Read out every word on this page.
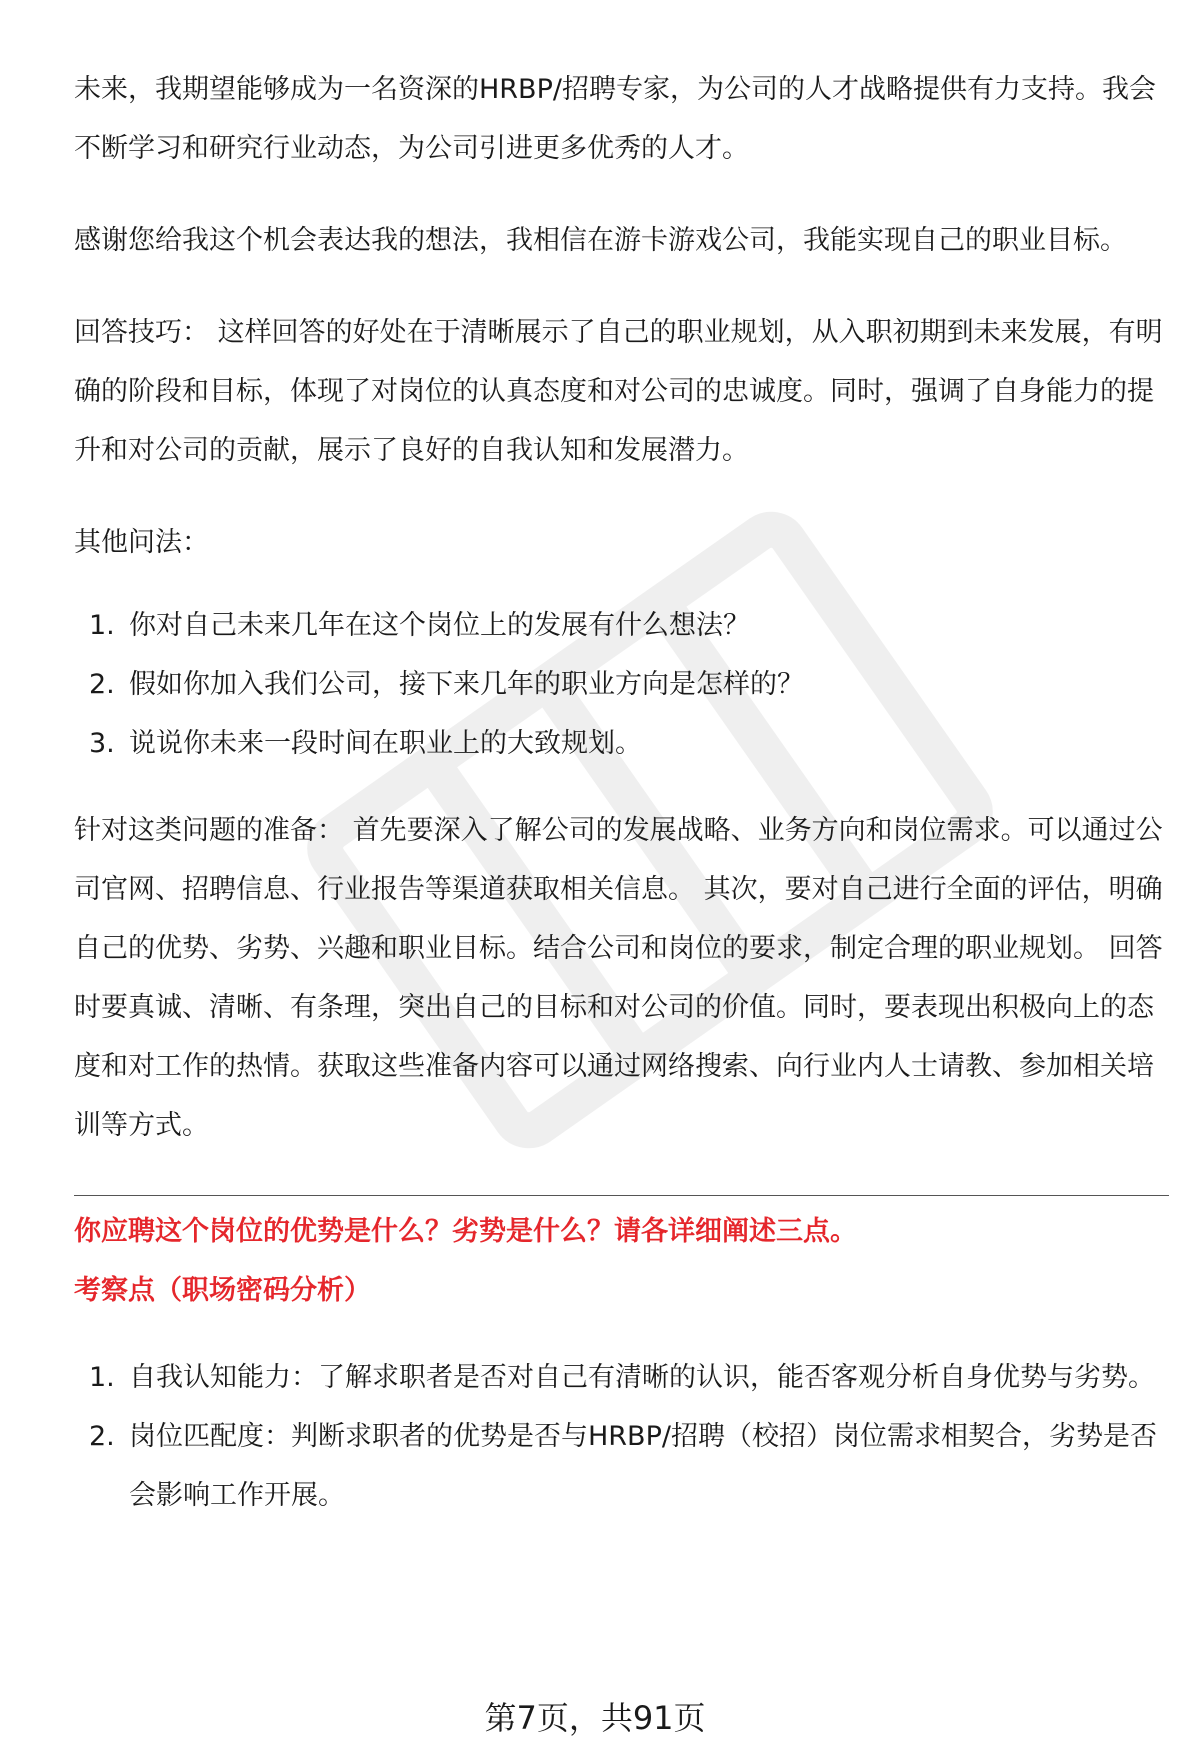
未来，我期望能够成为一名资深的HRBP/招聘专家，为公司的人才战略提供有力支持。我会不断学习和研究行业动态，为公司引进更多优秀的人才。

感谢您给我这个机会表达我的想法，我相信在游卡游戏公司，我能实现自己的职业目标。

回答技巧： 这样回答的好处在于清晰展示了自己的职业规划，从入职初期到未来发展，有明确的阶段和目标，体现了对岗位的认真态度和对公司的忠诚度。同时，强调了自身能力的提升和对公司的贡献，展示了良好的自我认知和发展潜力。

其他问法：

1. 你对自己未来几年在这个岗位上的发展有什么想法？
2. 假如你加入我们公司，接下来几年的职业方向是怎样的？
3. 说说你未来一段时间在职业上的大致规划。

针对这类问题的准备： 首先要深入了解公司的发展战略、业务方向和岗位需求。可以通过公司官网、招聘信息、行业报告等渠道获取相关信息。 其次，要对自己进行全面的评估，明确自己的优势、劣势、兴趣和职业目标。结合公司和岗位的要求，制定合理的职业规划。 回答时要真诚、清晰、有条理，突出自己的目标和对公司的价值。同时，要表现出积极向上的态度和对工作的热情。获取这些准备内容可以通过网络搜索、向行业内人士请教、参加相关培训等方式。

你应聘这个岗位的优势是什么？劣势是什么？请各详细阐述三点。

考察点（职场密码分析）

1. 自我认知能力：了解求职者是否对自己有清晰的认识，能否客观分析自身优势与劣势。
2. 岗位匹配度：判断求职者的优势是否与HRBP/招聘（校招）岗位需求相契合，劣势是否会影响工作开展。
第7页，共91页
